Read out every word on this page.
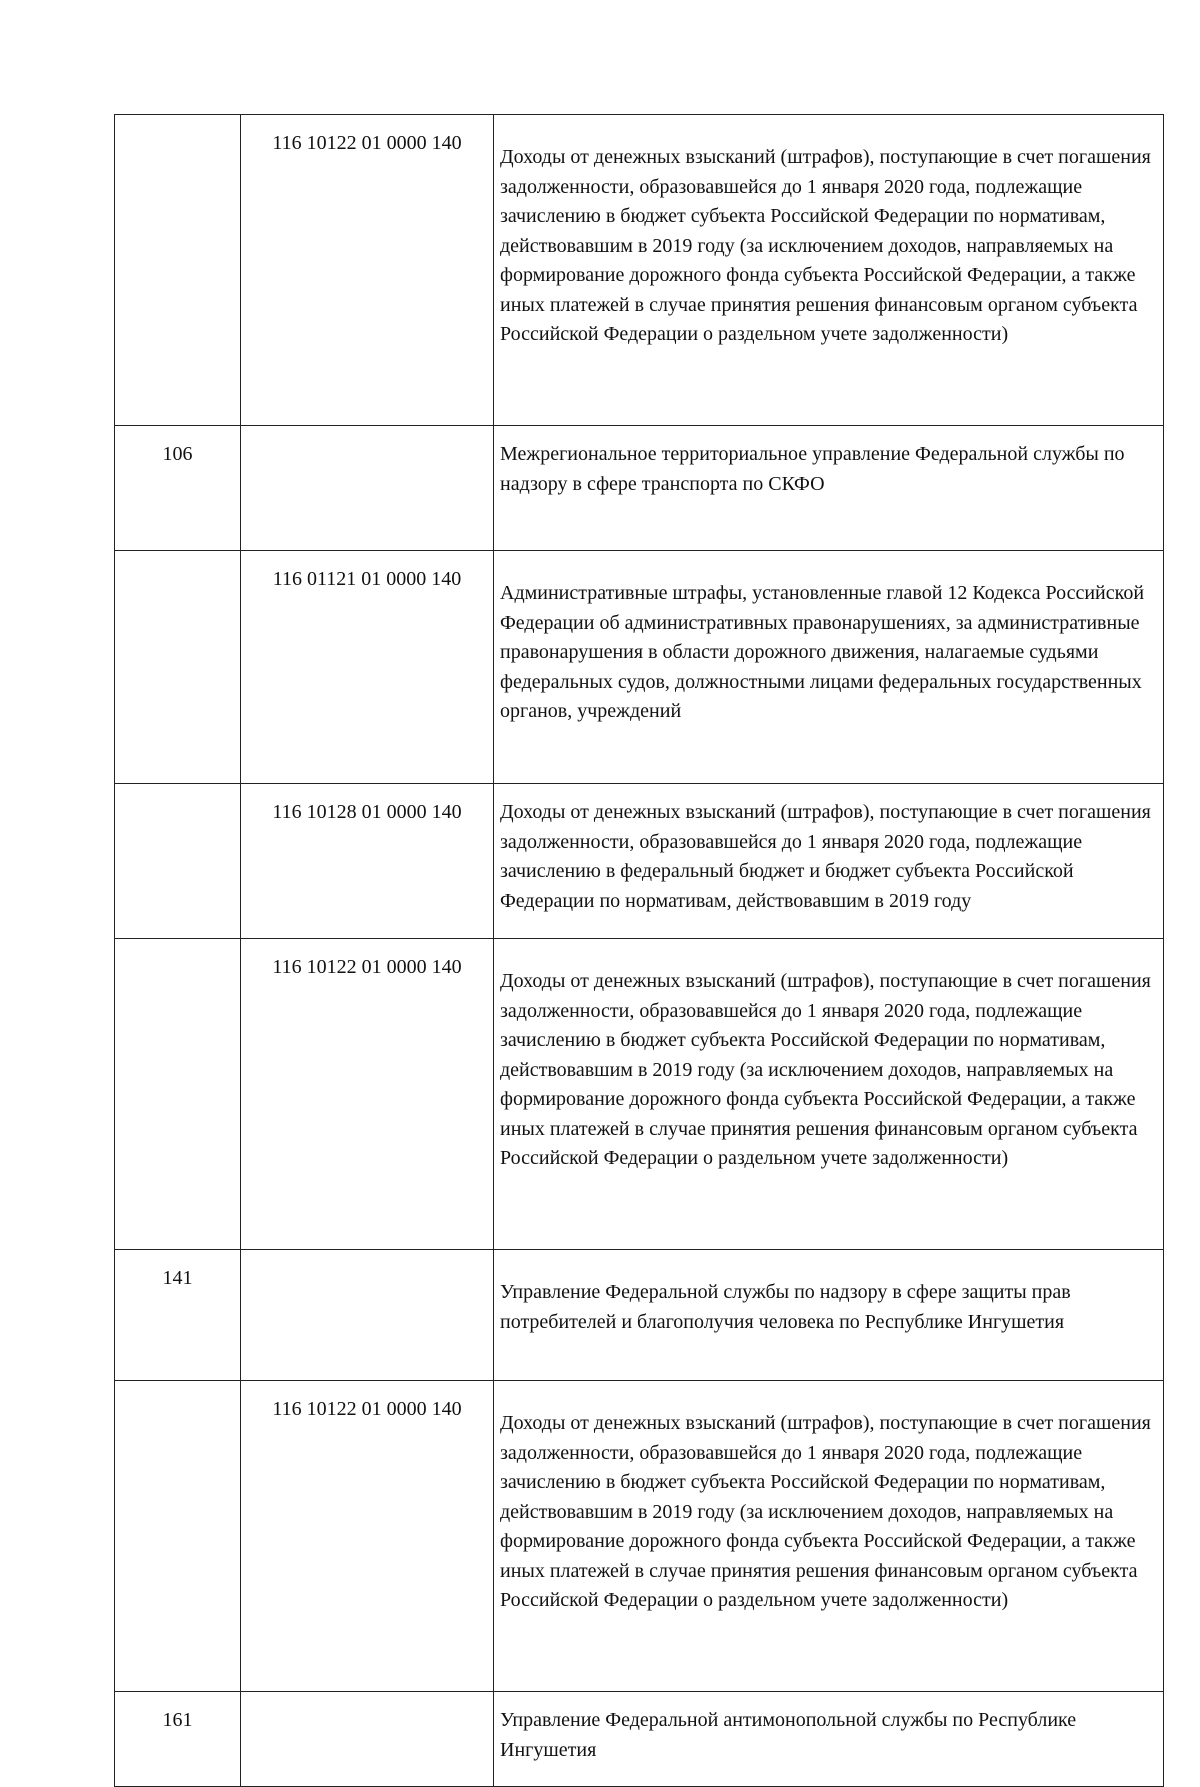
	116 10122 01 0000 140	Доходы от денежных взысканий (штрафов), поступающие в счет погашения задолженности, образовавшейся до 1 января 2020 года, подлежащие зачислению в бюджет субъекта Российской Федерации по нормативам, действовавшим в 2019 году (за исключением доходов, направляемых на формирование дорожного фонда субъекта Российской Федерации, а также иных платежей в случае принятия решения финансовым органом субъекта Российской Федерации о раздельном учете задолженности)
106		Межрегиональное территориальное управление Федеральной службы по надзору в сфере транспорта по СКФО
	116 01121 01 0000 140	Административные штрафы, установленные главой 12 Кодекса Российской Федерации об административных правонарушениях, за административные правонарушения в области дорожного движения, налагаемые судьями федеральных судов, должностными лицами федеральных государственных органов, учреждений
	116 10128 01 0000 140	Доходы от денежных взысканий (штрафов), поступающие в счет погашения задолженности, образовавшейся до 1 января 2020 года, подлежащие зачислению в федеральный бюджет и бюджет субъекта Российской Федерации по нормативам, действовавшим в 2019 году
	116 10122 01 0000 140	Доходы от денежных взысканий (штрафов), поступающие в счет погашения задолженности, образовавшейся до 1 января 2020 года, подлежащие зачислению в бюджет субъекта Российской Федерации по нормативам, действовавшим в 2019 году (за исключением доходов, направляемых на формирование дорожного фонда субъекта Российской Федерации, а также иных платежей в случае принятия решения финансовым органом субъекта Российской Федерации о раздельном учете задолженности)
141		Управление Федеральной службы по надзору в сфере защиты прав потребителей и благополучия человека по Республике Ингушетия
	116 10122 01 0000 140	Доходы от денежных взысканий (штрафов), поступающие в счет погашения задолженности, образовавшейся до 1 января 2020 года, подлежащие зачислению в бюджет субъекта Российской Федерации по нормативам, действовавшим в 2019 году (за исключением доходов, направляемых на формирование дорожного фонда субъекта Российской Федерации, а также иных платежей в случае принятия решения финансовым органом субъекта Российской Федерации о раздельном учете задолженности)
161		Управление Федеральной антимонопольной службы по Республике Ингушетия
